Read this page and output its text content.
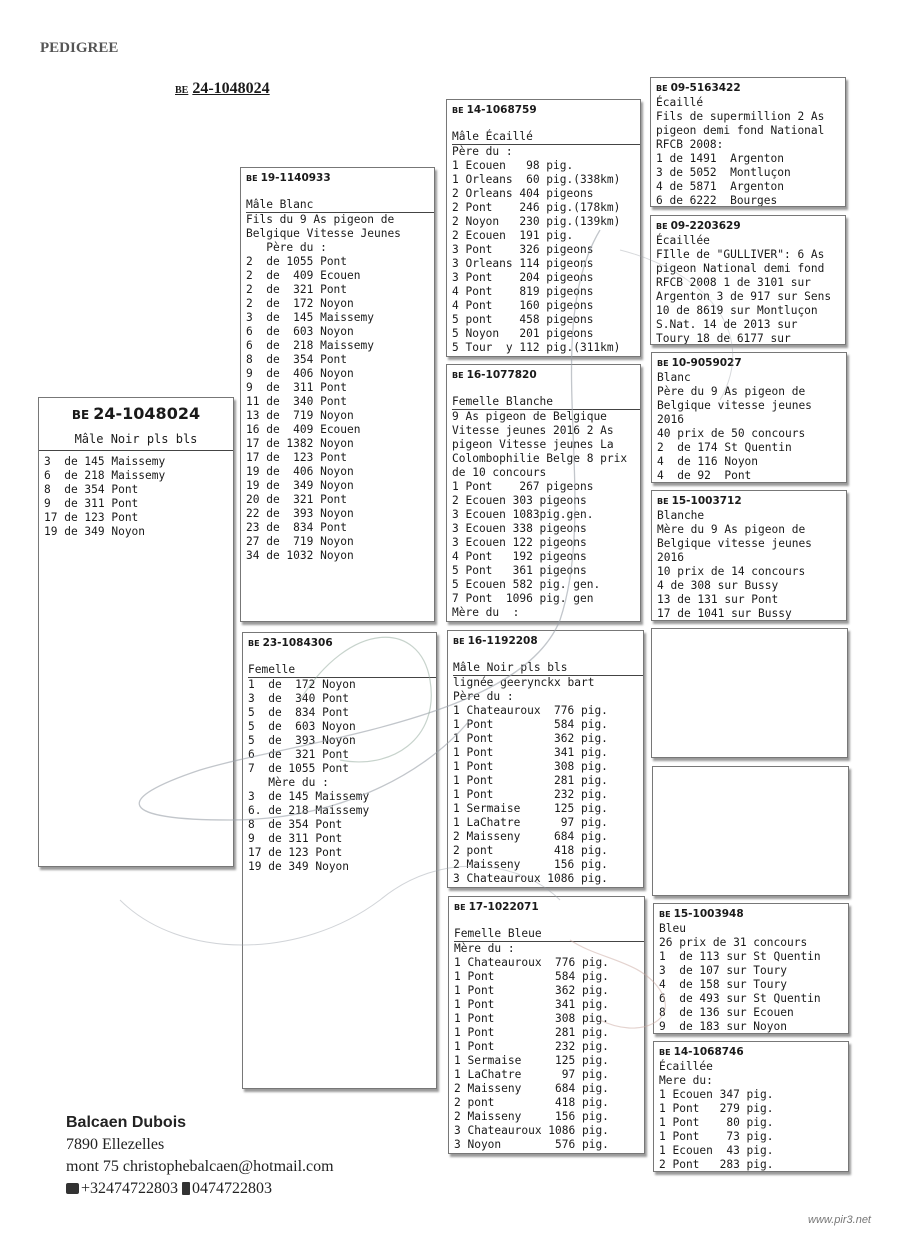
PEDIGREE
BE 24-1048024
BE 24-1048024
Mâle Noir pls bls
3  de 145 Maissemy
6  de 218 Maissemy
8  de 354 Pont
9  de 311 Pont
17 de 123 Pont
19 de 349 Noyon
BE 19-1140933
Mâle Blanc
Fils du 9 As pigeon de
Belgique Vitesse Jeunes
Père du :
2  de 1055 Pont
2  de  409 Ecouen
2  de  321 Pont
2  de  172 Noyon
3  de  145 Maissemy
6  de  603 Noyon
6  de  218 Maissemy
8  de  354 Pont
9  de  406 Noyon
9  de  311 Pont
11 de  340 Pont
13 de  719 Noyon
16 de  409 Ecouen
17 de 1382 Noyon
17 de  123 Pont
19 de  406 Noyon
19 de  349 Noyon
20 de  321 Pont
22 de  393 Noyon
23 de  834 Pont
27 de  719 Noyon
34 de 1032 Noyon
BE 23-1084306
Femelle
1  de  172 Noyon
3  de  340 Pont
5  de  834 Pont
5  de  603 Noyon
5  de  393 Noyon
6  de  321 Pont
7  de 1055 Pont
Mère du :
3  de 145 Maissemy
6. de 218 Maissemy
8  de 354 Pont
9  de 311 Pont
17 de 123 Pont
19 de 349 Noyon
BE 14-1068759
Mâle Écaillé
Père du :
1 Ecouen   98 pig.
1 Orleans  60 pig.(338km)
2 Orleans 404 pigeons
2 Pont    246 pig.(178km)
2 Noyon   230 pig.(139km)
2 Ecouen  191 pig.
3 Pont    326 pigeons
3 Orleans 114 pigeons
3 Pont    204 pigeons
4 Pont    819 pigeons
4 Pont    160 pigeons
5 pont    458 pigeons
5 Noyon   201 pigeons
5 Tour  y 112 pig.(311km)
BE 16-1077820
Femelle Blanche
9 As pigeon de Belgique
Vitesse jeunes 2016 2 As
pigeon Vitesse jeunes La
Colombophilie Belge 8 prix
de 10 concours
1 Pont    267 pigeons
2 Ecouen 303 pigeons
3 Ecouen 1083pig.gen.
3 Ecouen 338 pigeons
3 Ecouen 122 pigeons
4 Pont   192 pigeons
5 Pont   361 pigeons
5 Ecouen 582 pig. gen.
7 Pont  1096 pig. gen
Mère du  :
BE 16-1192208
Mâle Noir pls bls
lignée geerynckx bart
Père du :
1 Chateauroux  776 pig.
1 Pont         584 pig.
1 Pont         362 pig.
1 Pont         341 pig.
1 Pont         308 pig.
1 Pont         281 pig.
1 Pont         232 pig.
1 Sermaise     125 pig.
1 LaChatre      97 pig.
2 Maisseny     684 pig.
2 pont         418 pig.
2 Maisseny     156 pig.
3 Chateauroux 1086 pig.
BE 17-1022071
Femelle Bleue
Mère du :
1 Chateauroux  776 pig.
1 Pont         584 pig.
1 Pont         362 pig.
1 Pont         341 pig.
1 Pont         308 pig.
1 Pont         281 pig.
1 Pont         232 pig.
1 Sermaise     125 pig.
1 LaChatre      97 pig.
2 Maisseny     684 pig.
2 pont         418 pig.
2 Maisseny     156 pig.
3 Chateauroux 1086 pig.
3 Noyon        576 pig.
BE 09-5163422
Écaillé
Fils de supermillion 2 As
pigeon demi fond National
RFCB 2008:
1 de 1491  Argenton
3 de 5052  Montluçon
4 de 5871  Argenton
6 de 6222  Bourges
BE 09-2203629
Écaillée
FIlle de "GULLIVER": 6 As
pigeon National demi fond
RFCB 2008 1 de 3101 sur
Argenton 3 de 917 sur Sens
10 de 8619 sur Montluçon
S.Nat. 14 de 2013 sur
Toury 18 de 6177 sur
BE 10-9059027
Blanc
Père du 9 As pigeon de
Belgique vitesse jeunes
2016
40 prix de 50 concours
2  de 174 St Quentin
4  de 116 Noyon
4  de 92  Pont
BE 15-1003712
Blanche
Mère du 9 As pigeon de
Belgique vitesse jeunes
2016
10 prix de 14 concours
4 de 308 sur Bussy
13 de 131 sur Pont
17 de 1041 sur Bussy
BE 15-1003948
Bleu
26 prix de 31 concours
1  de 113 sur St Quentin
3  de 107 sur Toury
4  de 158 sur Toury
6  de 493 sur St Quentin
8  de 136 sur Ecouen
9  de 183 sur Noyon
BE 14-1068746
Écaillée
Mere du:
1 Ecouen 347 pig.
1 Pont   279 pig.
1 Pont    80 pig.
1 Pont    73 pig.
1 Ecouen  43 pig.
2 Pont   283 pig.
Balcaen Dubois
7890 Ellezelles
mont 75 christophebalcaen@hotmail.com
+32474722803 0474722803
www.pir3.net
